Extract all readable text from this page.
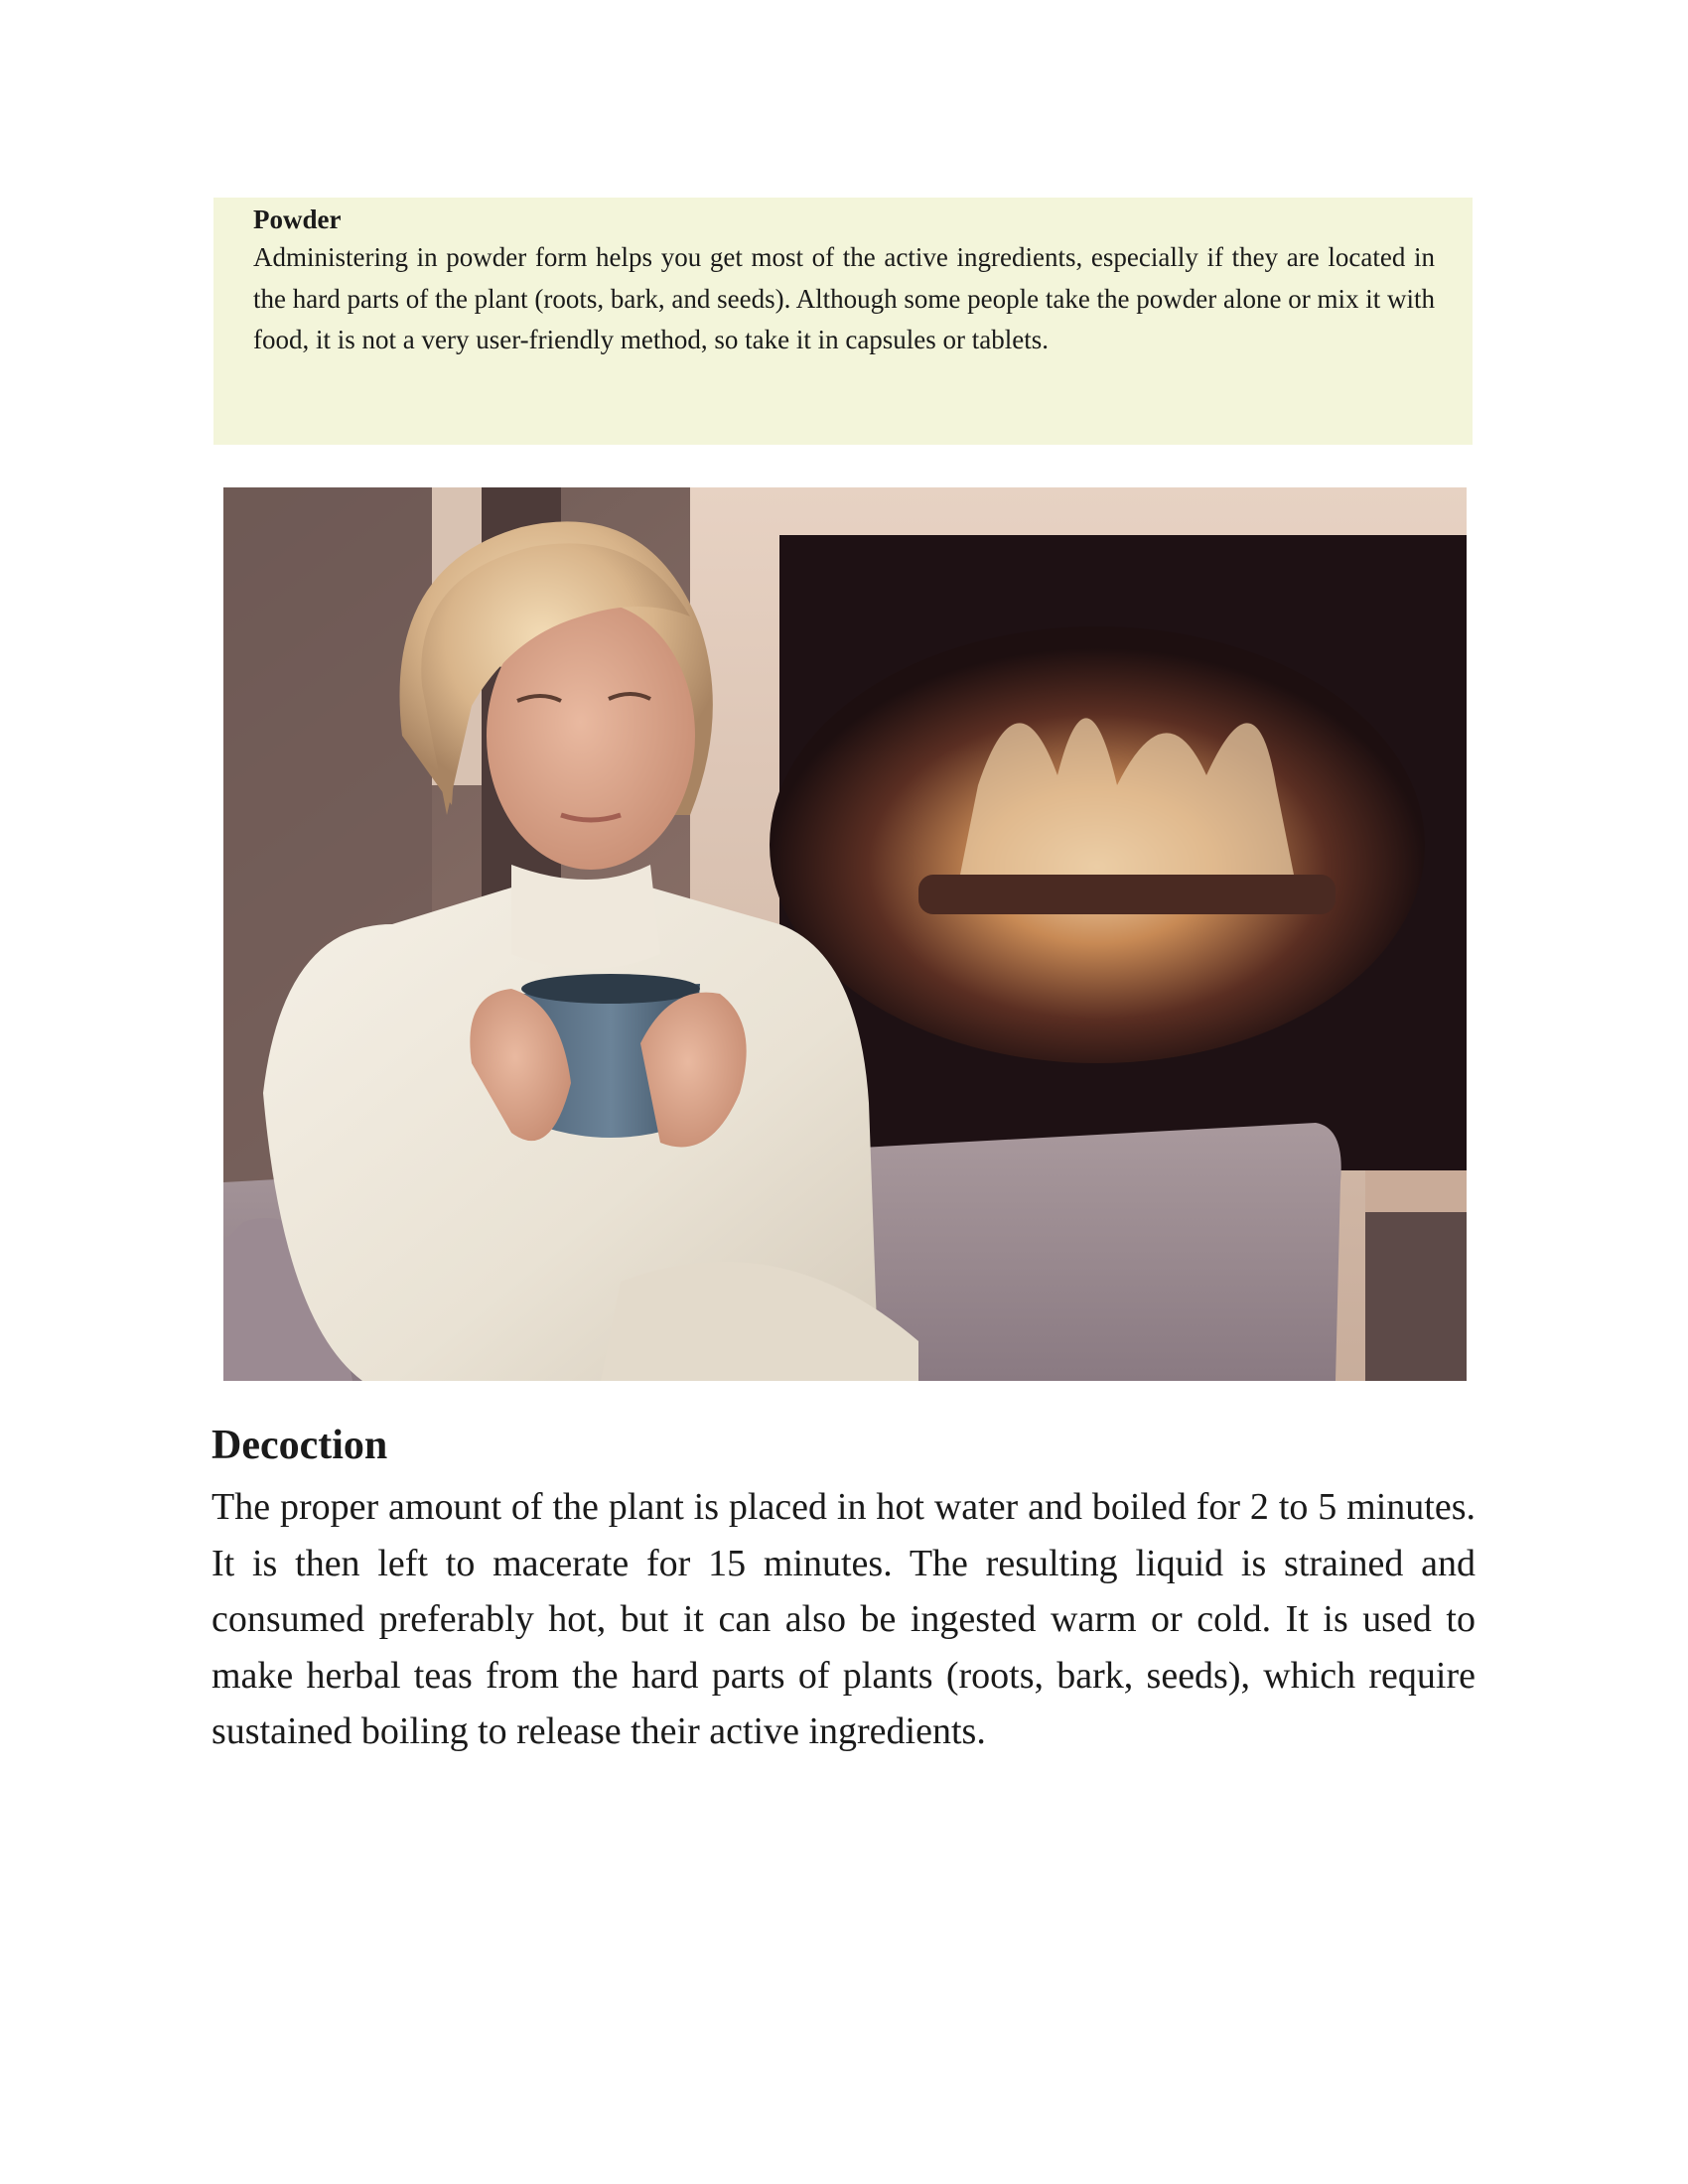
Powder
Administering in powder form helps you get most of the active ingredients, especially if they are located in the hard parts of the plant (roots, bark, and seeds). Although some people take the powder alone or mix it with food, it is not a very user-friendly method, so take it in capsules or tablets.
Decoction

The proper amount of the plant is placed in hot water and boiled for 2 to 5 minutes. It is then left to macerate for 15 minutes. The resulting liquid is strained and consumed preferably hot, but it can also be ingested warm or cold. It is used to make herbal teas from the hard parts of plants (roots, bark, seeds), which require sustained boiling to release their active ingredients.
